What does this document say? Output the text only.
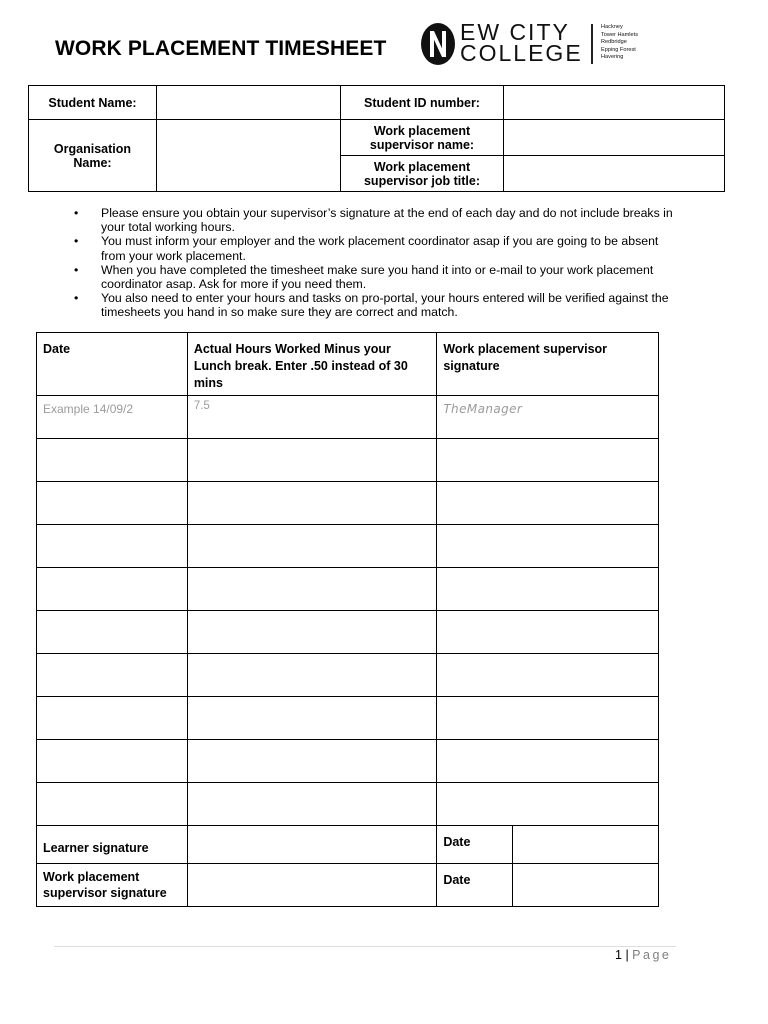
WORK PLACEMENT TIMESHEET
EW CITY
COLLEGE
Hackney
Tower Hamlets
Redbridge
Epping Forest
Havering
Student Name:		Student ID number:	
Organisation Name:		Work placement supervisor name:	
		Work placement supervisor job title:	
• Please ensure you obtain your supervisor’s signature at the end of each day and do not include breaks in your total working hours.
• You must inform your employer and the work placement coordinator asap if you are going to be absent from your work placement.
• When you have completed the timesheet make sure you hand it into or e-mail to your work placement coordinator asap. Ask for more if you need them.
• You also need to enter your hours and tasks on pro-portal, your hours entered will be verified against the timesheets you hand in so make sure they are correct and match.
Date	Actual Hours Worked Minus your Lunch break. Enter .50 instead of 30 mins	Work placement supervisor signature	
Example 14/09/2	7.5	TheManager	

Learner signature		Date	
Work placement supervisor signature		Date	
1 | Page
